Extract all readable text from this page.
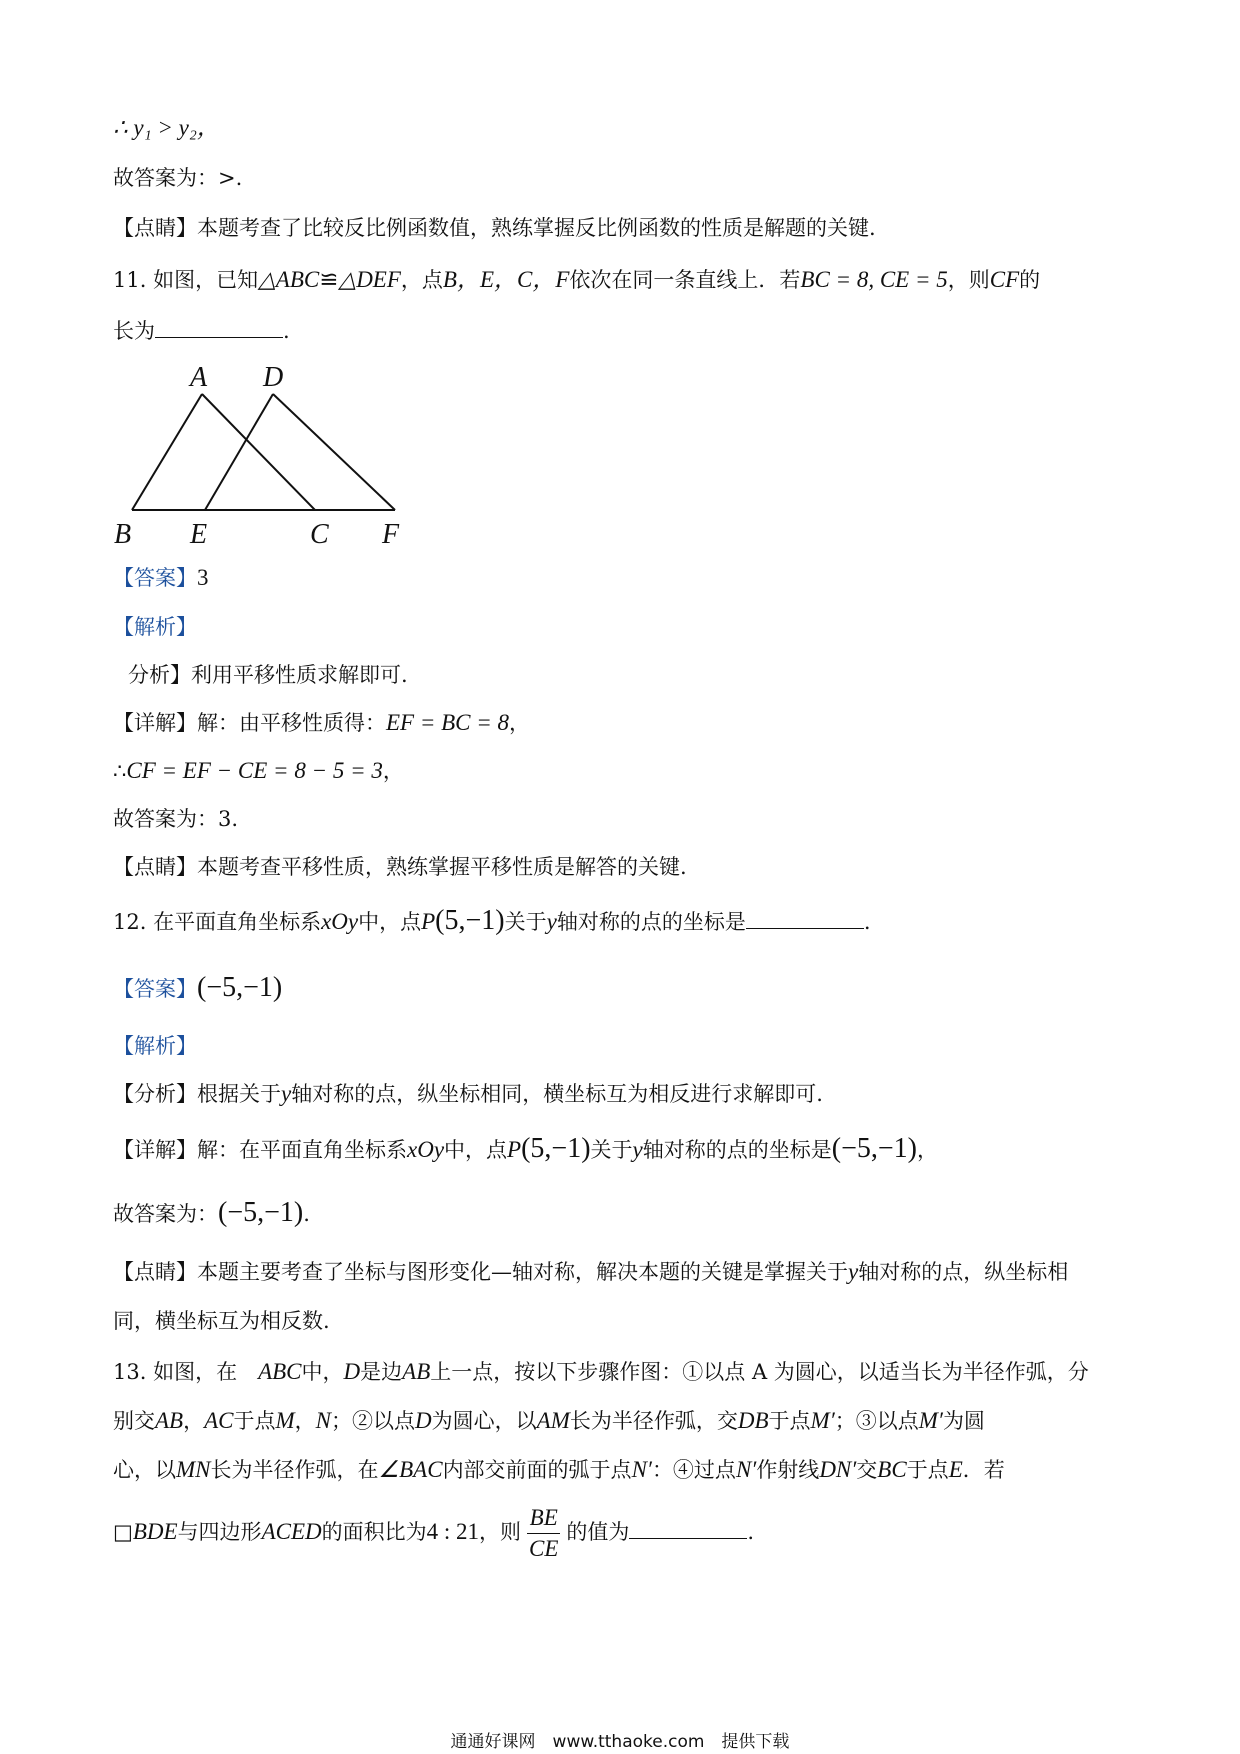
∴ y₁ > y₂，
故答案为：>.
【点睛】本题考查了比较反比例函数值，熟练掌握反比例函数的性质是解题的关键.
11. 如图，已知△ABC≌△DEF，点B，E，C，F依次在同一条直线上．若BC = 8, CE = 5，则CF的
长为	.
A D
B E	C F
【答案】3
【解析】
分析】利用平移性质求解即可.
【详解】解：由平移性质得：EF = BC = 8，
∴CF = EF − CE = 8 − 5 = 3，
故答案为：3.
【点睛】本题考查平移性质，熟练掌握平移性质是解答的关键.
12. 在平面直角坐标系xOy中，点P(5,−1)关于y轴对称的点的坐标是	.
【答案】(−5,−1)
【解析】
【分析】根据关于y轴对称的点，纵坐标相同，横坐标互为相反进行求解即可.
【详解】解：在平面直角坐标系xOy中，点P(5,−1)关于y轴对称的点的坐标是(−5,−1)，
故答案为：(−5,−1).
【点睛】本题主要考查了坐标与图形变化—轴对称，解决本题的关键是掌握关于y轴对称的点，纵坐标相
同，横坐标互为相反数.
13. 如图，在　ABC中，D是边AB上一点，按以下步骤作图：①以点 A 为圆心，以适当长为半径作弧，分
别交AB，AC于点M，N；②以点D为圆心，以AM长为半径作弧，交DB于点M′；③以点M′为圆
心，以MN长为半径作弧，在∠BAC内部交前面的弧于点N′：④过点N′作射线DN′交BC于点E．若
□BDE与四边形ACED的面积比为4 : 21，则 $\frac{BE}{CE}$ 的值为	.
通通好课网　www.tthaoke.com　提供下载
